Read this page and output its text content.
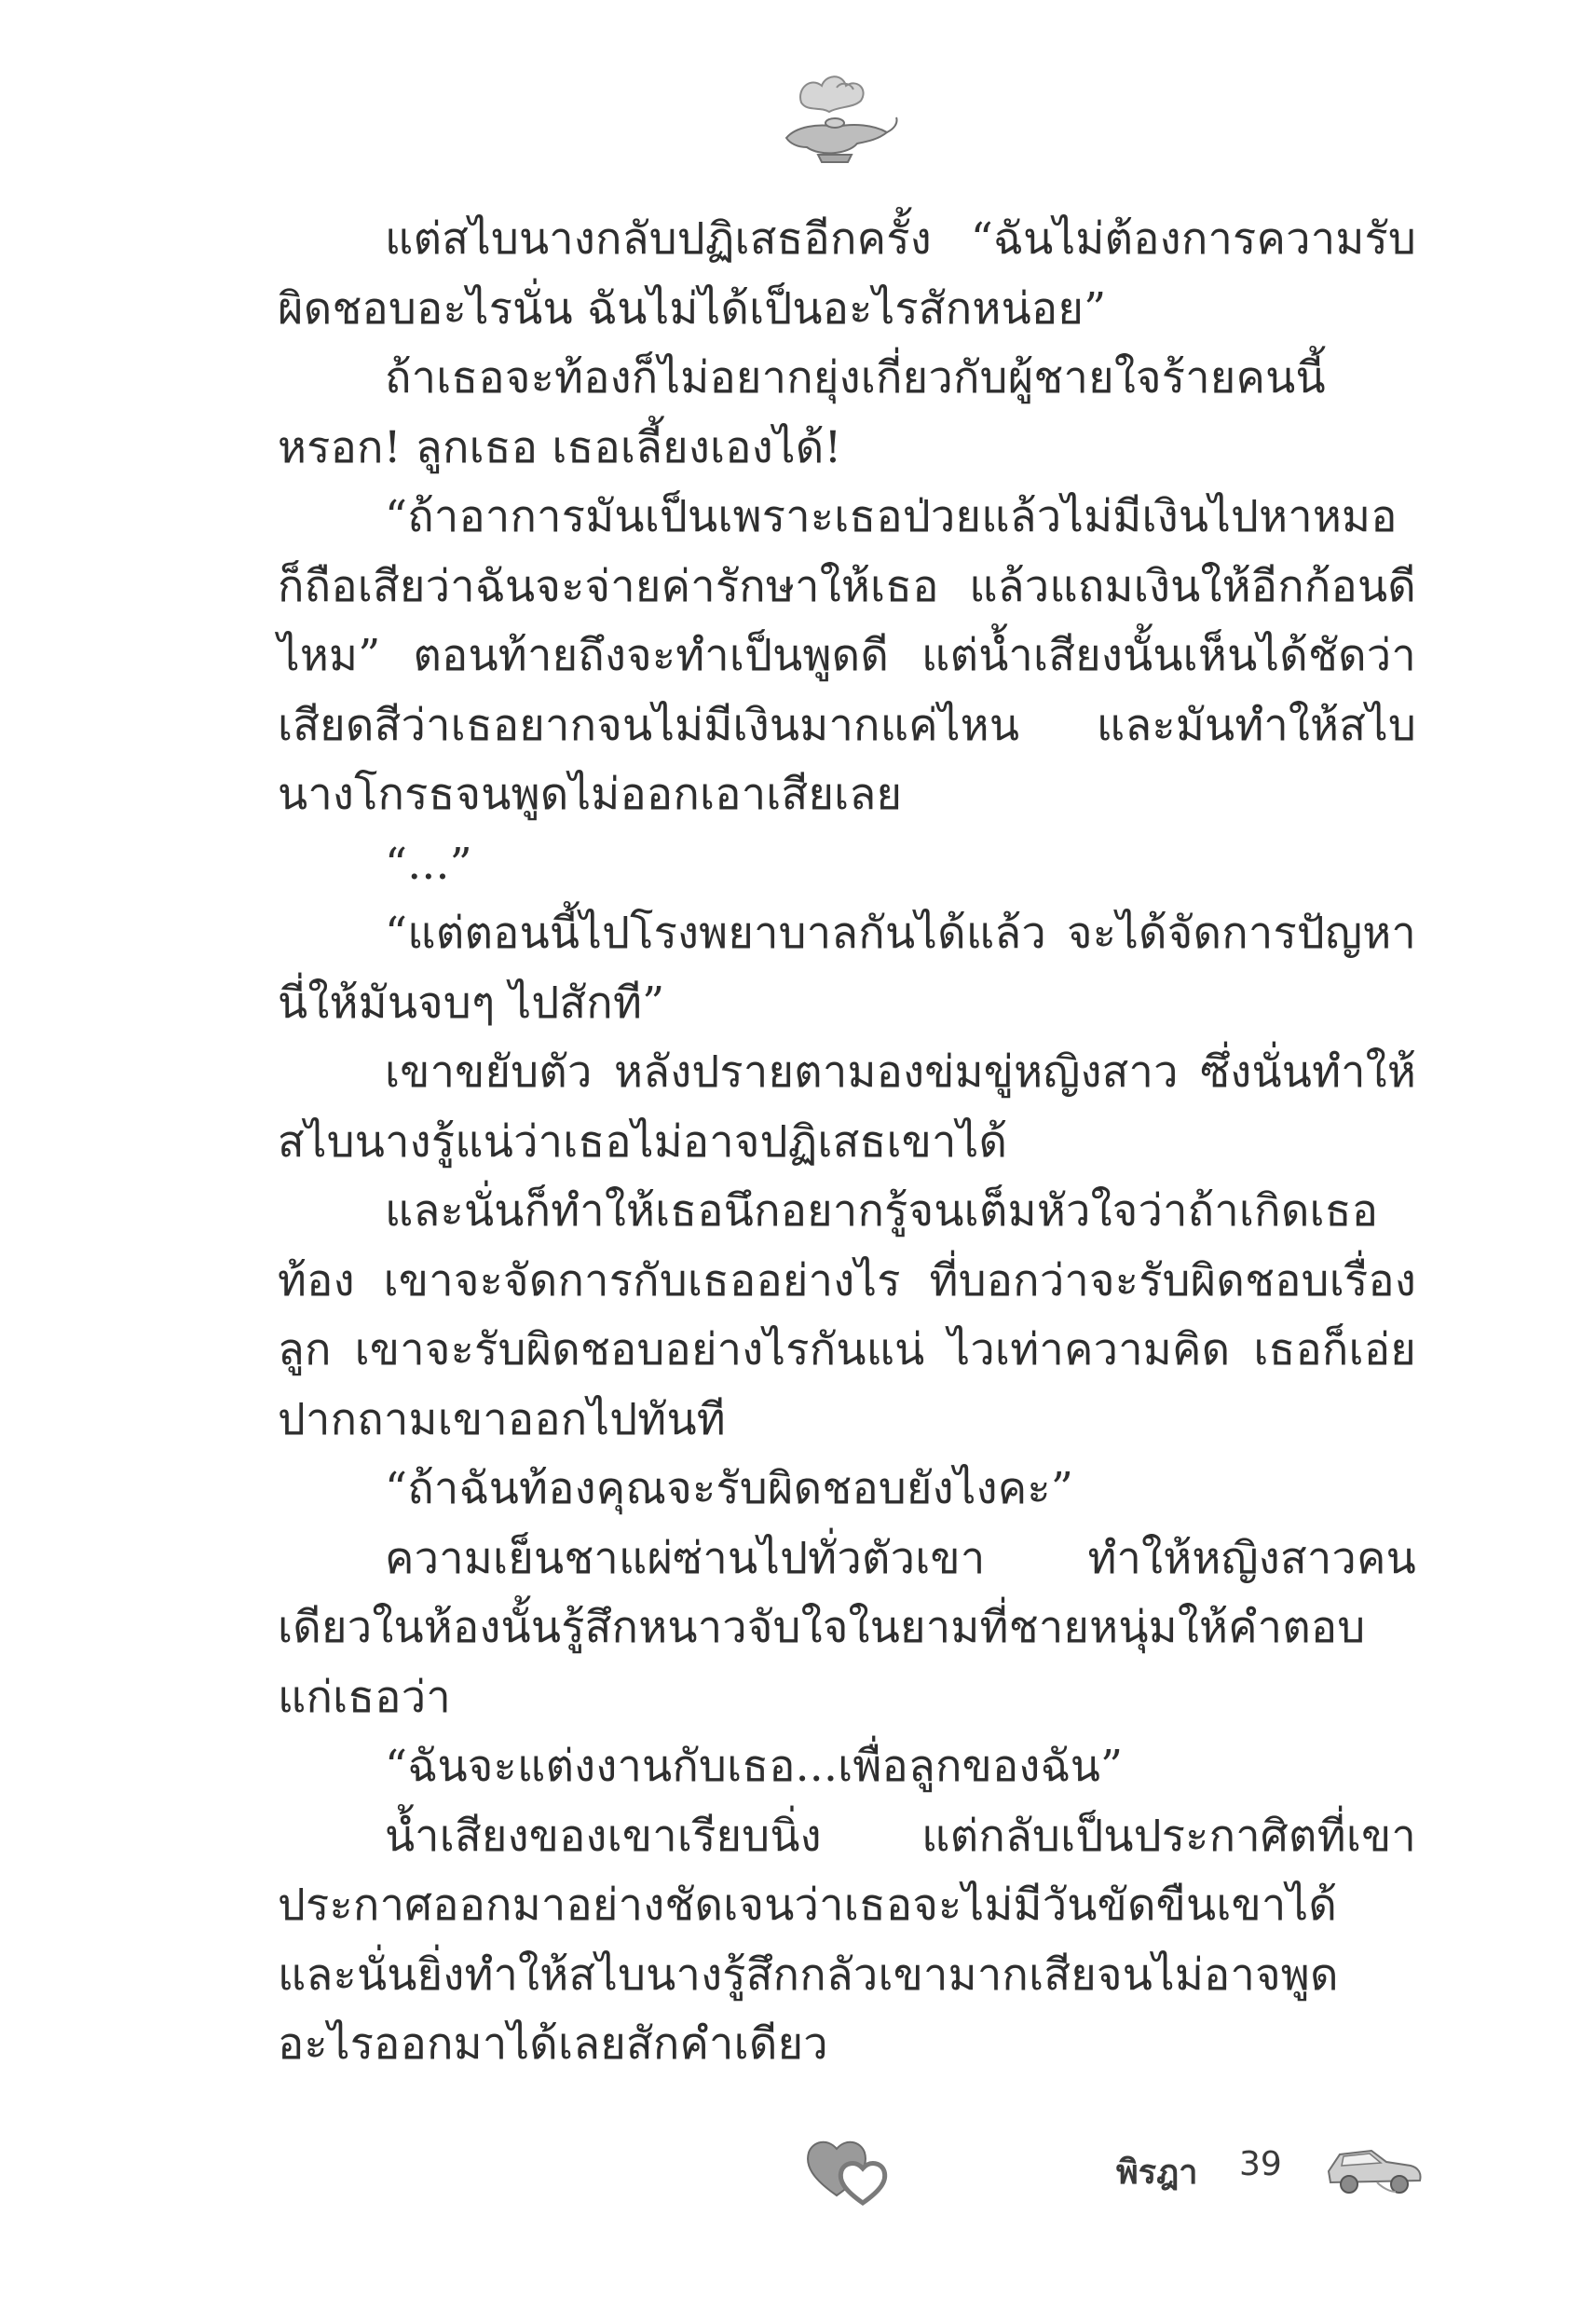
แต่สไบนางกลับปฏิเสธอีกครั้ง “ฉันไม่ต้องการความรับผิดชอบอะไรนั่น ฉันไม่ได้เป็นอะไรสักหน่อย”

ถ้าเธอจะท้องก็ไม่อยากยุ่งเกี่ยวกับผู้ชายใจร้ายคนนี้หรอก! ลูกเธอ เธอเลี้ยงเองได้!

“ถ้าอาการมันเป็นเพราะเธอป่วยแล้วไม่มีเงินไปหาหมอก็ถือเสียว่าฉันจะจ่ายค่ารักษาให้เธอ แล้วแถมเงินให้อีกก้อนดีไหม” ตอนท้ายถึงจะทำเป็นพูดดี แต่น้ำเสียงนั้นเห็นได้ชัดว่าเสียดสีว่าเธอยากจนไม่มีเงินมากแค่ไหน และมันทำให้สไบนางโกรธจนพูดไม่ออกเอาเสียเลย

“...”

“แต่ตอนนี้ไปโรงพยาบาลกันได้แล้ว จะได้จัดการปัญหานี่ให้มันจบๆ ไปสักที”

เขาขยับตัว หลังปรายตามองข่มขู่หญิงสาว ซึ่งนั่นทำให้สไบนางรู้แน่ว่าเธอไม่อาจปฏิเสธเขาได้

และนั่นก็ทำให้เธอนึกอยากรู้จนเต็มหัวใจว่าถ้าเกิดเธอท้อง เขาจะจัดการกับเธออย่างไร ที่บอกว่าจะรับผิดชอบเรื่องลูก เขาจะรับผิดชอบอย่างไรกันแน่ ไวเท่าความคิด เธอก็เอ่ยปากถามเขาออกไปทันที

“ถ้าฉันท้องคุณจะรับผิดชอบยังไงคะ”

ความเย็นชาแผ่ซ่านไปทั่วตัวเขา ทำให้หญิงสาวคนเดียวในห้องนั้นรู้สึกหนาวจับใจในยามที่ชายหนุ่มให้คำตอบแก่เธอว่า

“ฉันจะแต่งงานกับเธอ...เพื่อลูกของฉัน”

น้ำเสียงของเขาเรียบนิ่ง แต่กลับเป็นประกาศิตที่เขาประกาศออกมาอย่างชัดเจนว่าเธอจะไม่มีวันขัดขืนเขาได้ และนั่นยิ่งทำให้สไบนางรู้สึกกลัวเขามากเสียจนไม่อาจพูดอะไรออกมาได้เลยสักคำเดียว

พิรฎา 39
